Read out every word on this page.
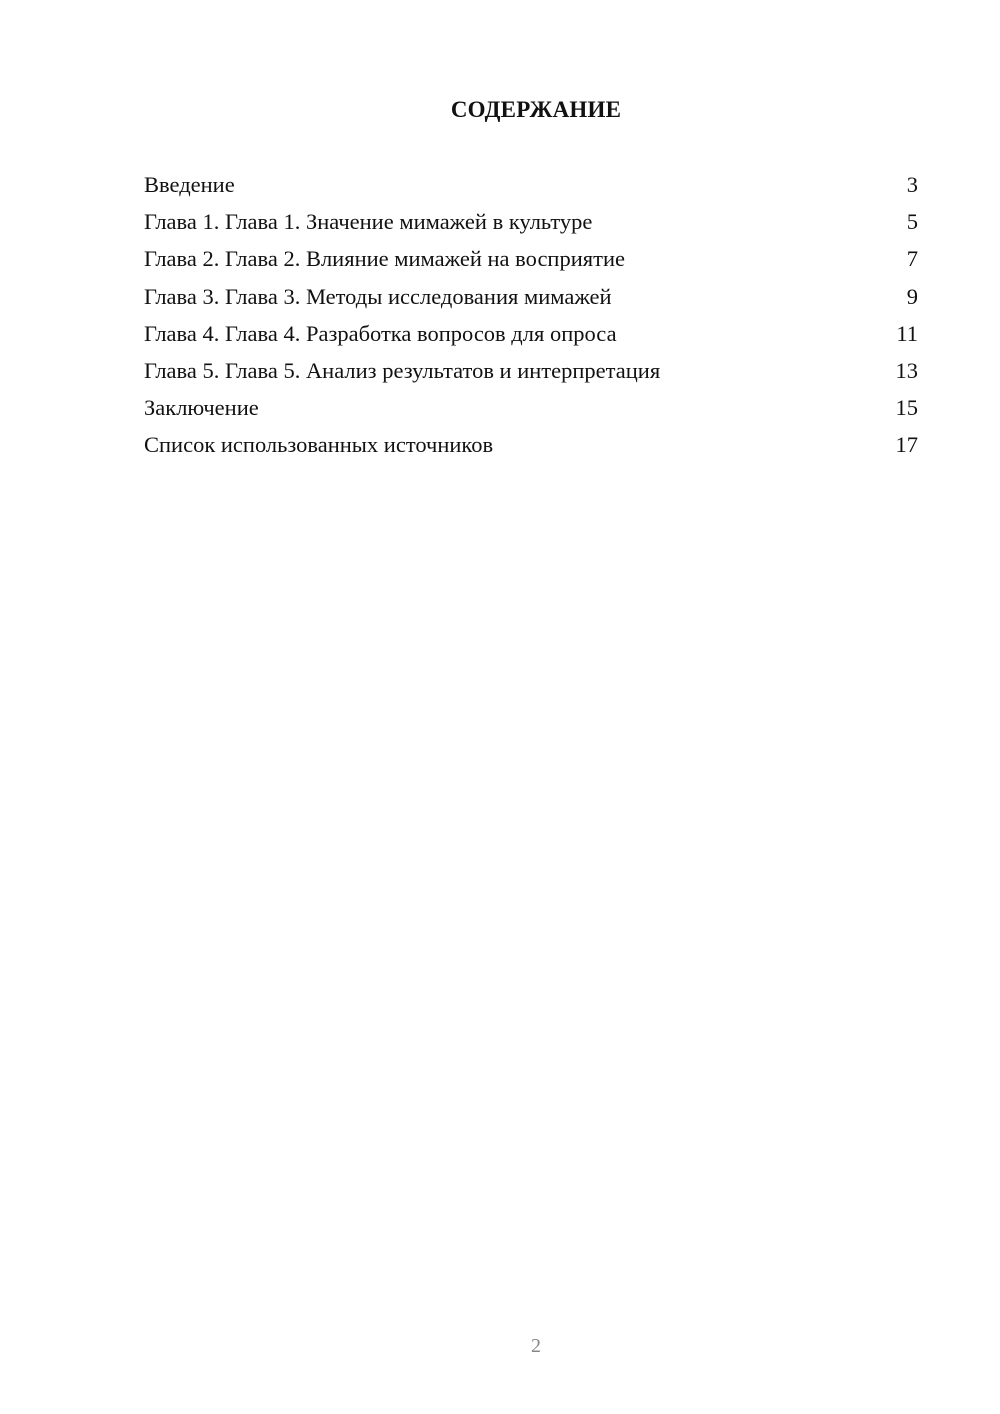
СОДЕРЖАНИЕ
Введение	3
Глава 1. Глава 1. Значение мимажей в культуре	5
Глава 2. Глава 2. Влияние мимажей на восприятие	7
Глава 3. Глава 3. Методы исследования мимажей	9
Глава 4. Глава 4. Разработка вопросов для опроса	11
Глава 5. Глава 5. Анализ результатов и интерпретация	13
Заключение	15
Список использованных источников	17
2
